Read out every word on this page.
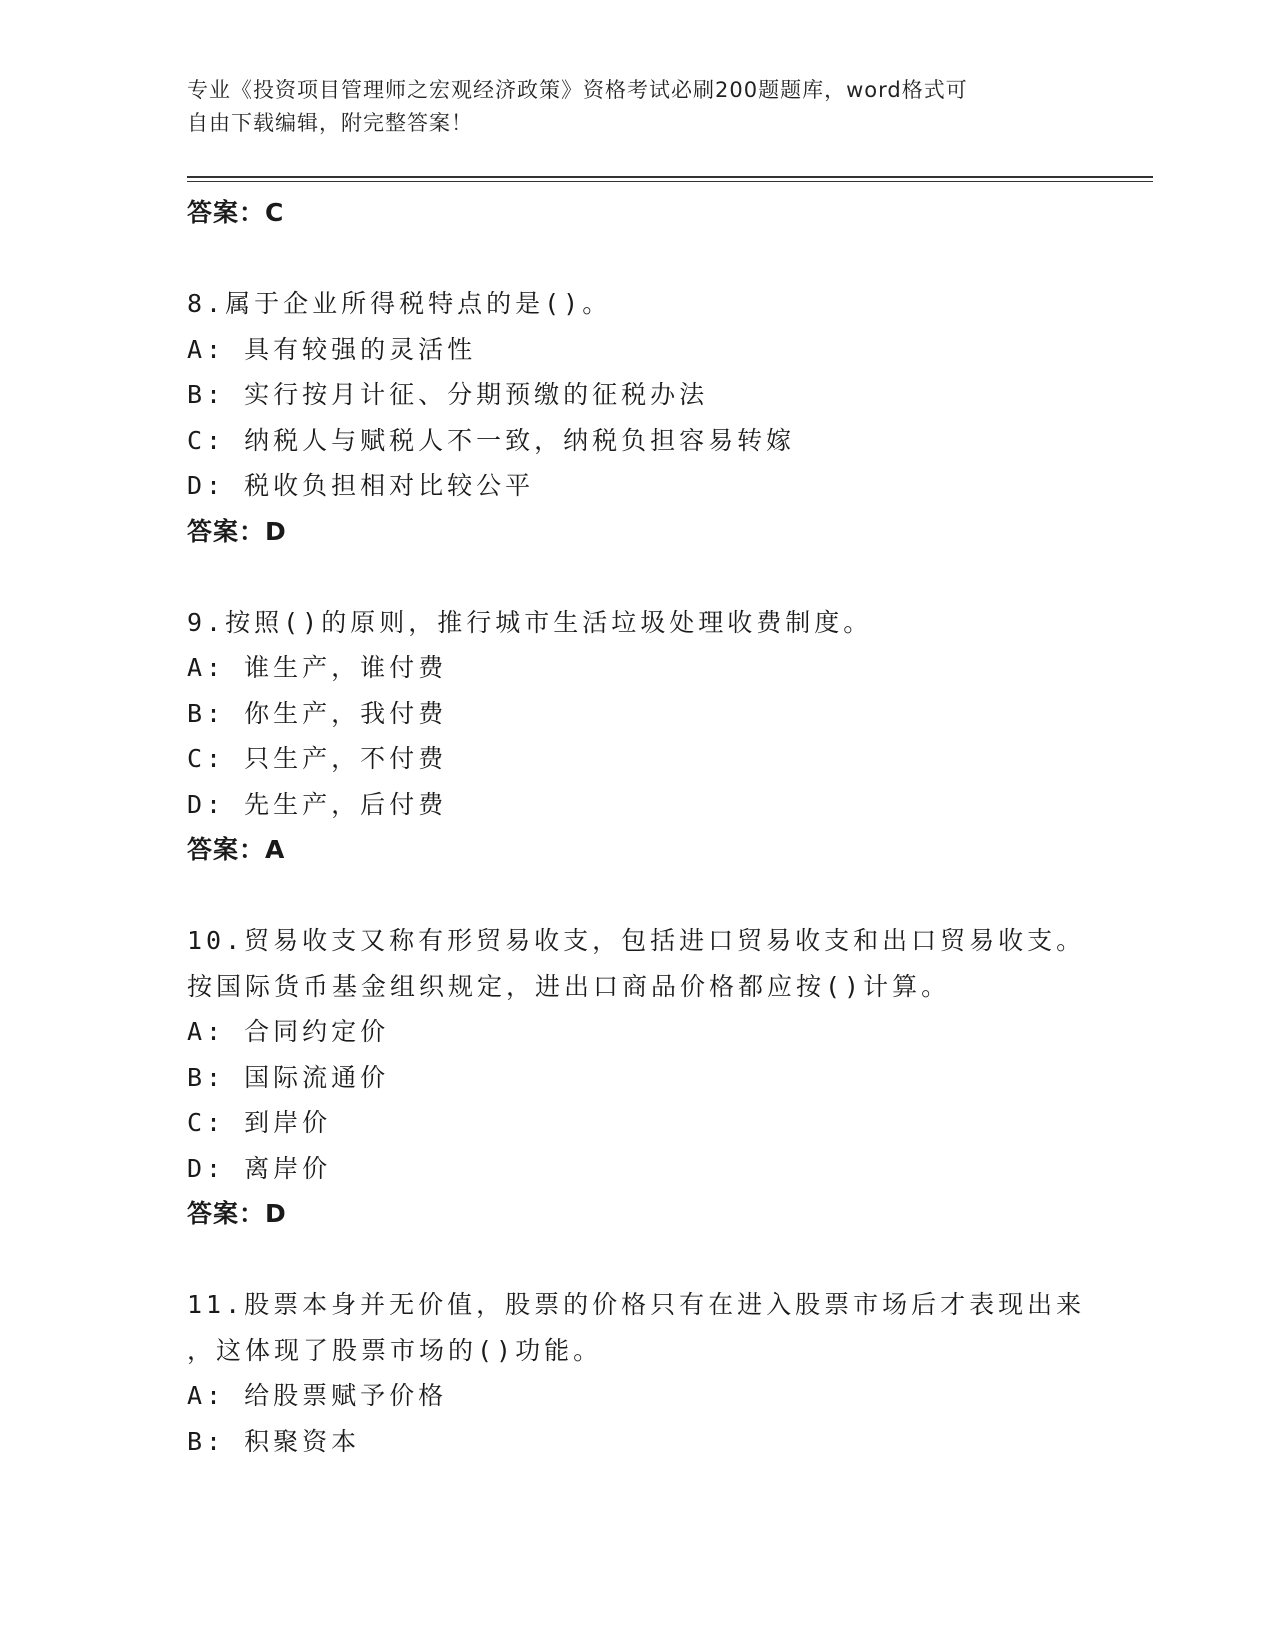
专业《投资项目管理师之宏观经济政策》资格考试必刷200题题库，word格式可
自由下载编辑，附完整答案！
答案：C
8.属于企业所得税特点的是()。
A: 具有较强的灵活性
B: 实行按月计征、分期预缴的征税办法
C: 纳税人与赋税人不一致，纳税负担容易转嫁
D: 税收负担相对比较公平
答案：D
9.按照()的原则，推行城市生活垃圾处理收费制度。
A: 谁生产，谁付费
B: 你生产，我付费
C: 只生产，不付费
D: 先生产，后付费
答案：A
10.贸易收支又称有形贸易收支，包括进口贸易收支和出口贸易收支。
按国际货币基金组织规定，进出口商品价格都应按()计算。
A: 合同约定价
B: 国际流通价
C: 到岸价
D: 离岸价
答案：D
11.股票本身并无价值，股票的价格只有在进入股票市场后才表现出来
，这体现了股票市场的()功能。
A: 给股票赋予价格
B: 积聚资本
